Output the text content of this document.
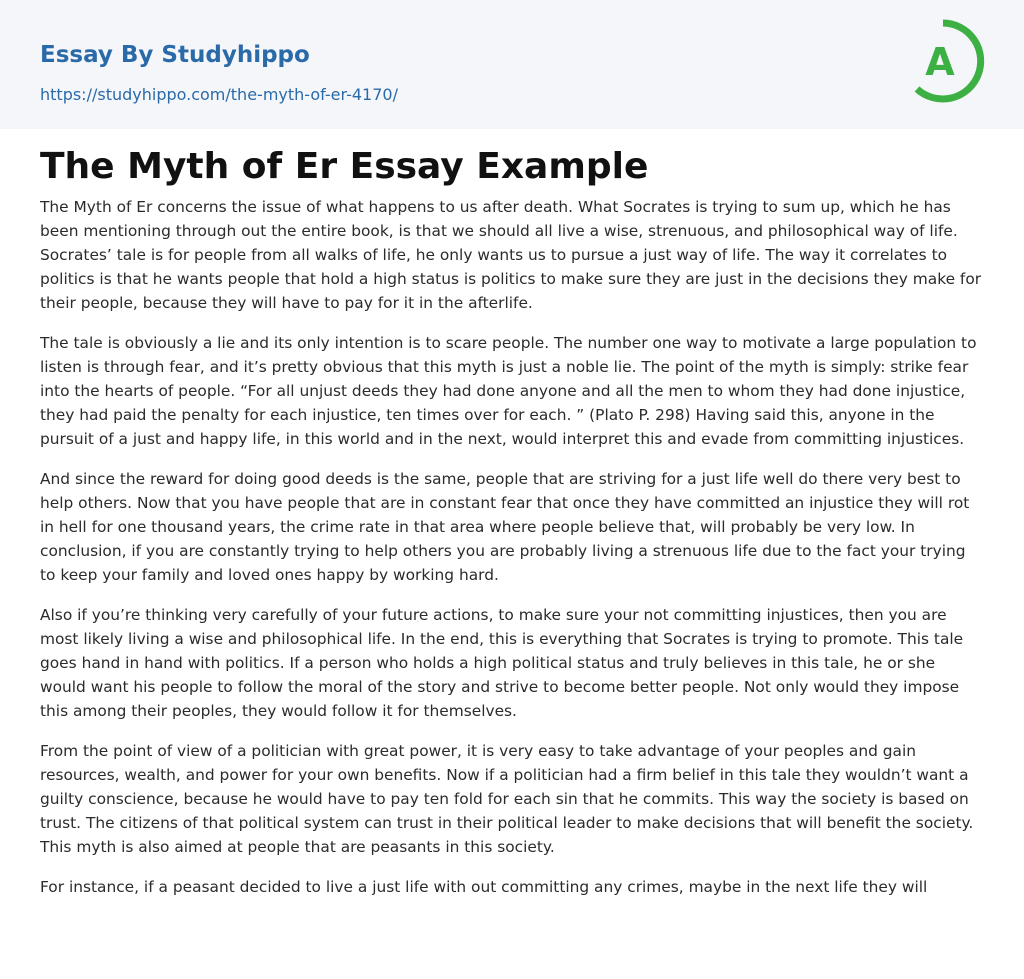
Essay By Studyhippo
https://studyhippo.com/the-myth-of-er-4170/
A
The Myth of Er Essay Example

The Myth of Er concerns the issue of what happens to us after death. What Socrates is trying to sum up, which he has been mentioning through out the entire book, is that we should all live a wise, strenuous, and philosophical way of life. Socrates’ tale is for people from all walks of life, he only wants us to pursue a just way of life. The way it correlates to politics is that he wants people that hold a high status is politics to make sure they are just in the decisions they make for their people, because they will have to pay for it in the afterlife.

The tale is obviously a lie and its only intention is to scare people. The number one way to motivate a large population to listen is through fear, and it’s pretty obvious that this myth is just a noble lie. The point of the myth is simply: strike fear into the hearts of people. “For all unjust deeds they had done anyone and all the men to whom they had done injustice, they had paid the penalty for each injustice, ten times over for each. ” (Plato P. 298) Having said this, anyone in the pursuit of a just and happy life, in this world and in the next, would interpret this and evade from committing injustices.

And since the reward for doing good deeds is the same, people that are striving for a just life well do there very best to help others. Now that you have people that are in constant fear that once they have committed an injustice they will rot in hell for one thousand years, the crime rate in that area where people believe that, will probably be very low. In conclusion, if you are constantly trying to help others you are probably living a strenuous life due to the fact your trying to keep your family and loved ones happy by working hard.

Also if you’re thinking very carefully of your future actions, to make sure your not committing injustices, then you are most likely living a wise and philosophical life. In the end, this is everything that Socrates is trying to promote. This tale goes hand in hand with politics. If a person who holds a high political status and truly believes in this tale, he or she would want his people to follow the moral of the story and strive to become better people. Not only would they impose this among their peoples, they would follow it for themselves.

From the point of view of a politician with great power, it is very easy to take advantage of your peoples and gain resources, wealth, and power for your own benefits. Now if a politician had a firm belief in this tale they wouldn’t want a guilty conscience, because he would have to pay ten fold for each sin that he commits. This way the society is based on trust. The citizens of that political system can trust in their political leader to make decisions that will benefit the society. This myth is also aimed at people that are peasants in this society.

For instance, if a peasant decided to live a just life with out committing any crimes, maybe in the next life they will
